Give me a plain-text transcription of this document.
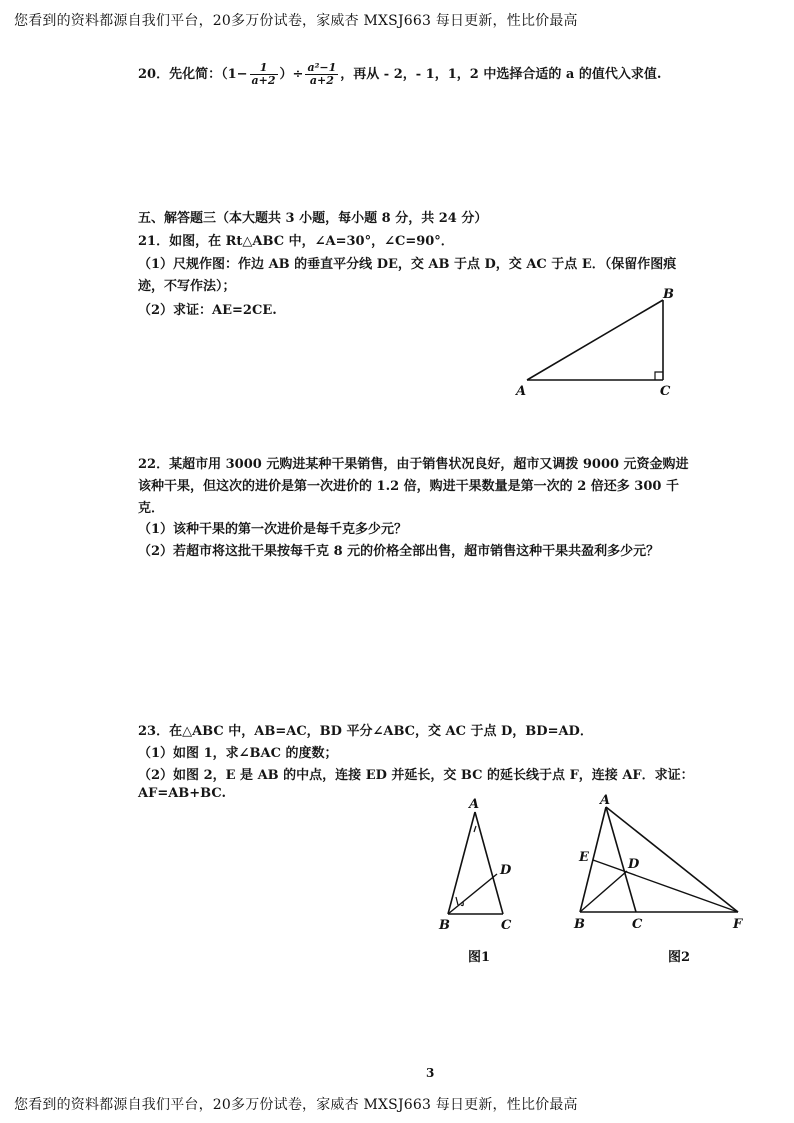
您看到的资料都源自我们平台，20多万份试卷，家威杏 MXSJ663 每日更新，性比价最高
20．先化简：（$1- \frac{1}{a+2}$ ）÷ $\frac{\text{a²−1}}{a+2}$ ，再从 - 2，- 1，1，2 中选择合适的 a 的值代入求值.
五、解答题三（本大题共 3 小题，每小题 8 分，共 24 分）
21．如图，在 Rt△ABC 中，∠A=30°，∠C=90°．
（1）尺规作图：作边 AB 的垂直平分线 DE，交 AB 于点 D，交 AC 于点 E．（保留作图痕
迹，不写作法）；
（2）求证：AE=2CE.
A
B
C
22．某超市用 3000 元购进某种干果销售，由于销售状况良好，超市又调拨 9000 元资金购进
该种干果，但这次的进价是第一次进价的 1.2 倍，购进干果数量是第一次的 2 倍还多 300 千
克．
（1）该种干果的第一次进价是每千克多少元？
（2）若超市将这批干果按每千克 8 元的价格全部出售，超市销售这种干果共盈利多少元？
23．在△ABC 中，AB=AC，BD 平分∠ABC，交 AC 于点 D，BD=AD．
（1）如图 1，求∠BAC 的度数；
（2）如图 2，E 是 AB 的中点，连接 ED 并延长，交 BC 的延长线于点 F，连接 AF．求证：
AF=AB+BC.
A
B	C
D
图1
A
B	C
D
E
F
图2
3
您看到的资料都源自我们平台，20多万份试卷，家威杏 MXSJ663 每日更新，性比价最高
